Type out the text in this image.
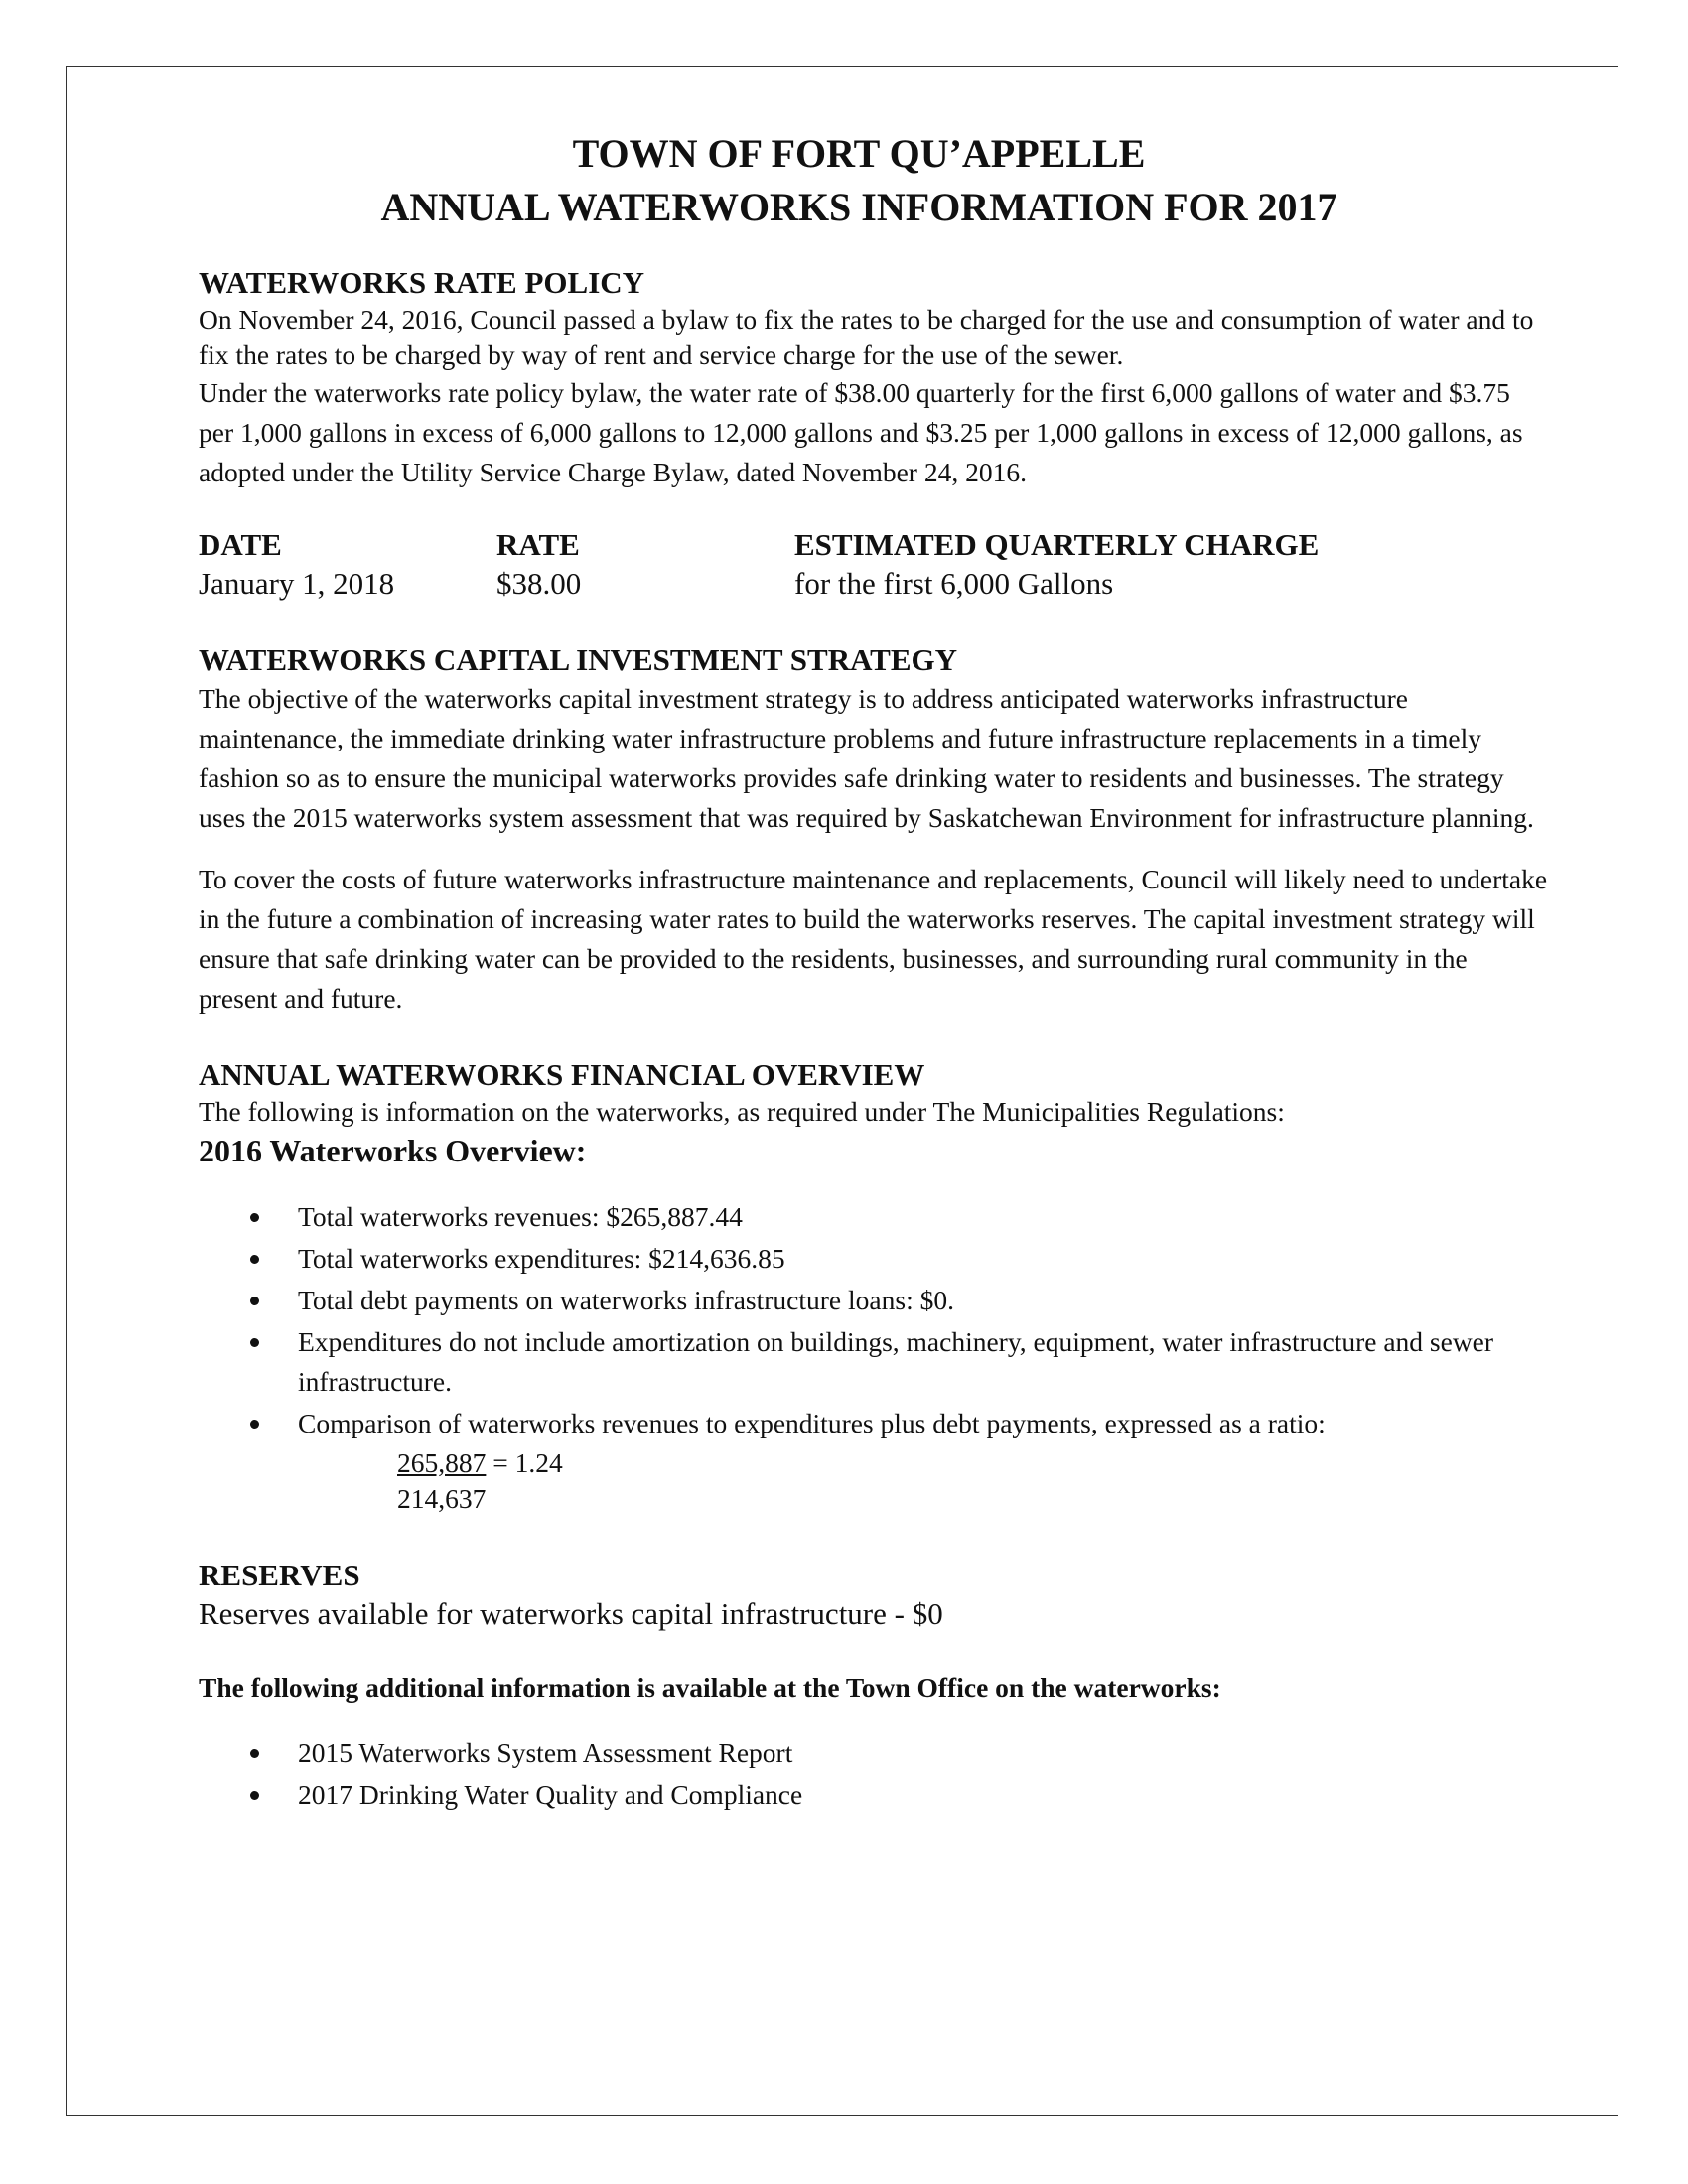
TOWN OF FORT QU’APPELLE
ANNUAL WATERWORKS INFORMATION FOR 2017

WATERWORKS RATE POLICY

On November 24, 2016, Council passed a bylaw to fix the rates to be charged for the use and consumption of water and to fix the rates to be charged by way of rent and service charge for the use of the sewer.

Under the waterworks rate policy bylaw, the water rate of $38.00 quarterly for the first 6,000 gallons of water and $3.75 per 1,000 gallons in excess of 6,000 gallons to 12,000 gallons and $3.25 per 1,000 gallons in excess of 12,000 gallons, as adopted under the Utility Service Charge Bylaw, dated November 24, 2016.

DATE	RATE	ESTIMATED QUARTERLY CHARGE
January 1, 2018	$38.00	for the first 6,000 Gallons

WATERWORKS CAPITAL INVESTMENT STRATEGY

The objective of the waterworks capital investment strategy is to address anticipated waterworks infrastructure maintenance, the immediate drinking water infrastructure problems and future infrastructure replacements in a timely fashion so as to ensure the municipal waterworks provides safe drinking water to residents and businesses. The strategy uses the 2015 waterworks system assessment that was required by Saskatchewan Environment for infrastructure planning.

To cover the costs of future waterworks infrastructure maintenance and replacements, Council will likely need to undertake in the future a combination of increasing water rates to build the waterworks reserves. The capital investment strategy will ensure that safe drinking water can be provided to the residents, businesses, and surrounding rural community in the present and future.

ANNUAL WATERWORKS FINANCIAL OVERVIEW

The following is information on the waterworks, as required under The Municipalities Regulations:

2016 Waterworks Overview:

Total waterworks revenues: $265,887.44
Total waterworks expenditures: $214,636.85
Total debt payments on waterworks infrastructure loans: $0.
Expenditures do not include amortization on buildings, machinery, equipment, water infrastructure and sewer infrastructure.
Comparison of waterworks revenues to expenditures plus debt payments, expressed as a ratio:
265,887 = 1.24
214,637

RESERVES

Reserves available for waterworks capital infrastructure - $0

The following additional information is available at the Town Office on the waterworks:

2015 Waterworks System Assessment Report
2017 Drinking Water Quality and Compliance
